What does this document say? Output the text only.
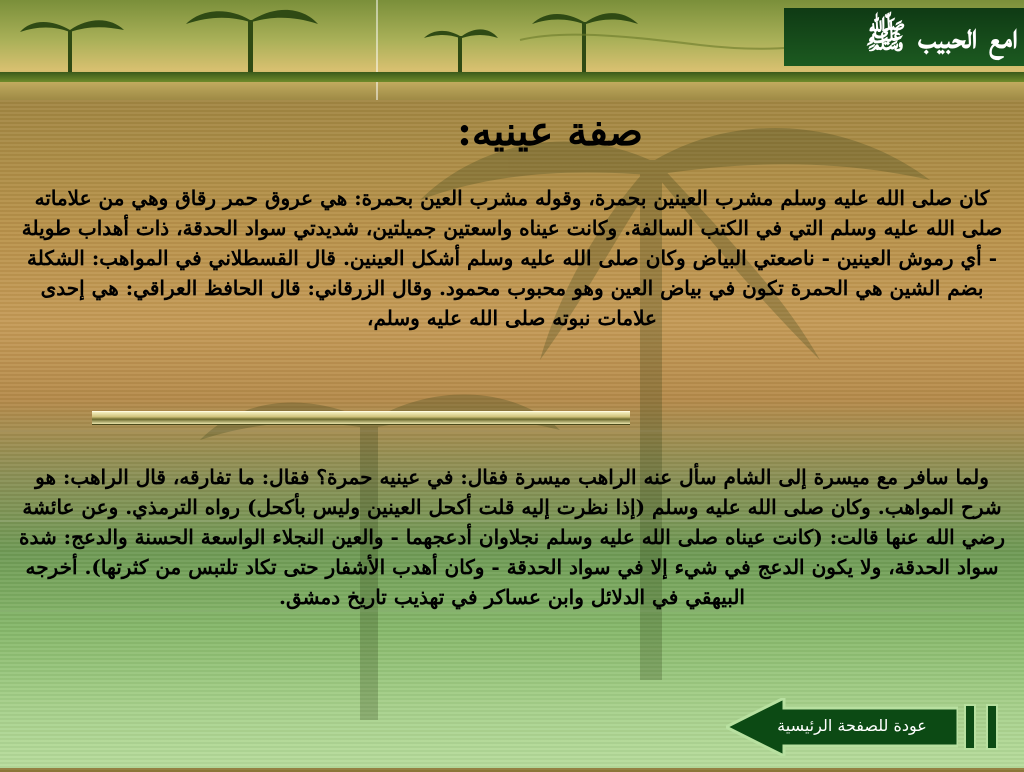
امع الحبيب ﷺ
صفة عينيه:

كان صلى الله عليه وسلم مشرب العينين بحمرة، وقوله مشرب العين بحمرة: هي عروق حمر رقاق وهي من علاماته صلى الله عليه وسلم التي في الكتب السالفة. وكانت عيناه واسعتين جميلتين، شديدتي سواد الحدقة، ذات أهداب طويلة - أي رموش العينين - ناصعتي البياض وكان صلى الله عليه وسلم أشكل العينين. قال القسطلاني في المواهب: الشكلة بضم الشين هي الحمرة تكون في بياض العين وهو محبوب محمود. وقال الزرقاني: قال الحافظ العراقي: هي إحدى علامات نبوته صلى الله عليه وسلم،

ولما سافر مع ميسرة إلى الشام سأل عنه الراهب ميسرة فقال: في عينيه حمرة؟ فقال: ما تفارقه، قال الراهب: هو شرح المواهب. وكان صلى الله عليه وسلم (إذا نظرت إليه قلت أكحل العينين وليس بأكحل) رواه الترمذي. وعن عائشة رضي الله عنها قالت: (كانت عيناه صلى الله عليه وسلم نجلاوان أدعجهما - والعين النجلاء الواسعة الحسنة والدعج: شدة سواد الحدقة، ولا يكون الدعج في شيء إلا في سواد الحدقة - وكان أهدب الأشفار حتى تكاد تلتبس من كثرتها). أخرجه البيهقي في الدلائل وابن عساكر في تهذيب تاريخ دمشق.

عودة للصفحة الرئيسية
